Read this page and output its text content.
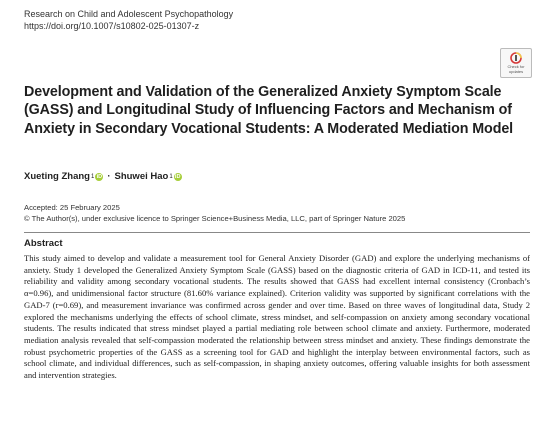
Research on Child and Adolescent Psychopathology
https://doi.org/10.1007/s10802-025-01307-z
Check for
updates
Development and Validation of the Generalized Anxiety Symptom Scale (GASS) and Longitudinal Study of Influencing Factors and Mechanism of Anxiety in Secondary Vocational Students: A Moderated Mediation Model
Xueting Zhang 1 iD · Shuwei Hao 1 iD
Accepted: 25 February 2025
© The Author(s), under exclusive licence to Springer Science+Business Media, LLC, part of Springer Nature 2025
Abstract

This study aimed to develop and validate a measurement tool for General Anxiety Disorder (GAD) and explore the underlying mechanisms of anxiety. Study 1 developed the Generalized Anxiety Symptom Scale (GASS) based on the diagnostic criteria of GAD in ICD-11, and tested its reliability and validity among secondary vocational students. The results showed that GASS had excellent internal consistency (Cronbach’s α=0.96), and unidimensional factor structure (81.60% variance explained). Criterion validity was supported by significant correlations with the GAD-7 (r=0.69), and measurement invariance was confirmed across gender and over time. Based on three waves of longitudinal data, Study 2 explored the mechanisms underlying the effects of school climate, stress mindset, and self-compassion on anxiety among secondary vocational students. The results indicated that stress mindset played a partial mediating role between school climate and anxiety. Furthermore, moderated mediation analysis revealed that self-compassion moderated the relationship between stress mindset and anxiety. These findings demonstrate the robust psychometric properties of the GASS as a screening tool for GAD and highlight the interplay between environmental factors, such as school climate, and individual differences, such as self-compassion, in shaping anxiety outcomes, offering valuable insights for both assessment and intervention strategies.
